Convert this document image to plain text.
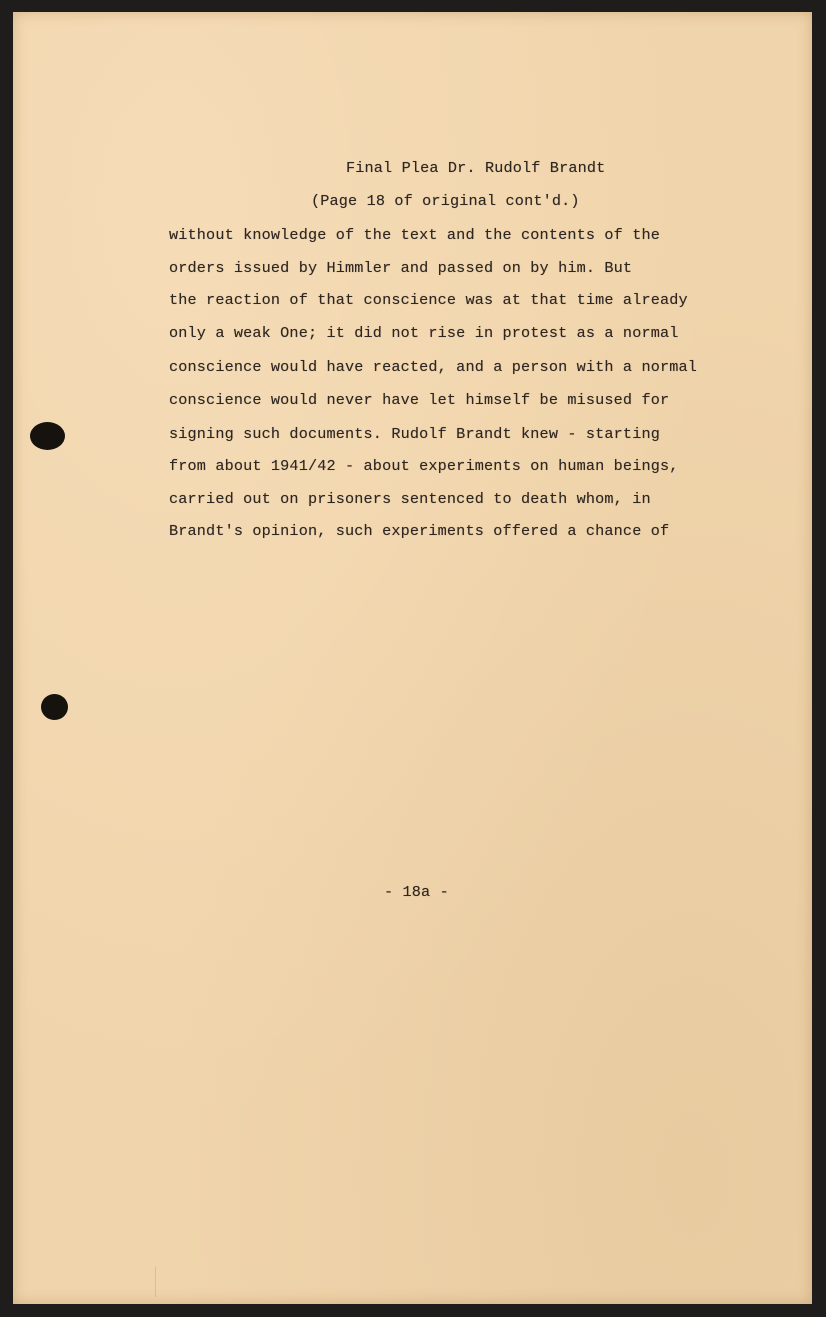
Final Plea Dr. Rudolf Brandt
(Page 18 of original cont'd.)
without knowledge of the text and the contents of the
orders issued by Himmler and passed on by him. But
the reaction of that conscience was at that time already
only a weak One; it did not rise in protest as a normal
conscience would have reacted, and a person with a normal
conscience would never have let himself be misused for
signing such documents. Rudolf Brandt knew - starting
from about 1941/42 - about experiments on human beings,
carried out on prisoners sentenced to death whom, in
Brandt's opinion, such experiments offered a chance of
- 18a -
